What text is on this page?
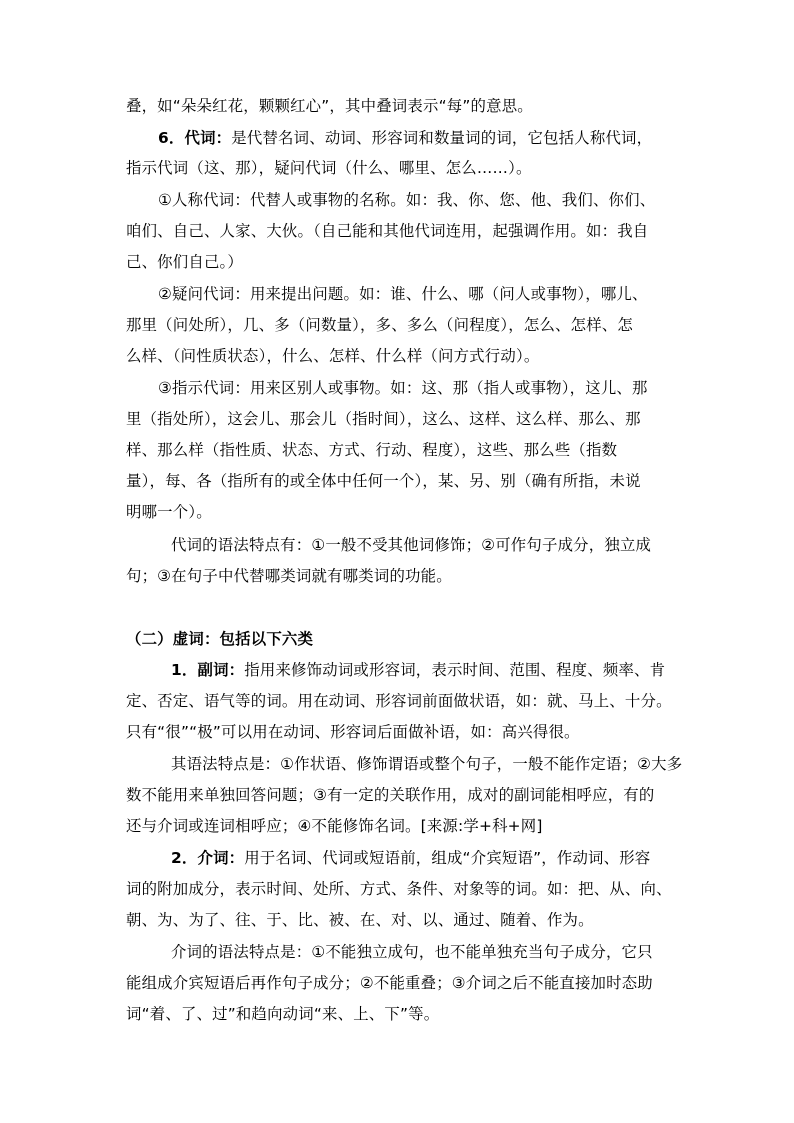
叠，如“朵朵红花，颗颗红心”，其中叠词表示“每”的意思。

6．代词：是代替名词、动词、形容词和数量词的词，它包括人称代词，

指示代词（这、那），疑问代词（什么、哪里、怎么……）。

①人称代词：代替人或事物的名称。如：我、你、您、他、我们、你们、

咱们、自己、人家、大伙。（自己能和其他代词连用，起强调作用。如：我自

己、你们自己。）

②疑问代词：用来提出问题。如：谁、什么、哪（问人或事物），哪儿、

那里（问处所），几、多（问数量），多、多么（问程度），怎么、怎样、怎

么样、（问性质状态），什么、怎样、什么样（问方式行动）。

③指示代词：用来区别人或事物。如：这、那（指人或事物），这儿、那

里（指处所），这会儿、那会儿（指时间），这么、这样、这么样、那么、那

样、那么样（指性质、状态、方式、行动、程度），这些、那么些（指数

量），每、各（指所有的或全体中任何一个），某、另、别（确有所指，未说

明哪一个）。

代词的语法特点有：①一般不受其他词修饰；②可作句子成分，独立成

句；③在句子中代替哪类词就有哪类词的功能。

（二）虚词：包括以下六类

1．副词：指用来修饰动词或形容词，表示时间、范围、程度、频率、肯

定、否定、语气等的词。用在动词、形容词前面做状语，如：就、马上、十分。

只有“很”“极”可以用在动词、形容词后面做补语，如：高兴得很。

其语法特点是：①作状语、修饰谓语或整个句子，一般不能作定语；②大多

数不能用来单独回答问题；③有一定的关联作用，成对的副词能相呼应，有的

还与介词或连词相呼应；④不能修饰名词。[来源:学+科+网]

2．介词：用于名词、代词或短语前，组成“介宾短语”，作动词、形容

词的附加成分，表示时间、处所、方式、条件、对象等的词。如：把、从、向、

朝、为、为了、往、于、比、被、在、对、以、通过、随着、作为。

介词的语法特点是：①不能独立成句，也不能单独充当句子成分，它只

能组成介宾短语后再作句子成分；②不能重叠；③介词之后不能直接加时态助

词“着、了、过”和趋向动词“来、上、下”等。
